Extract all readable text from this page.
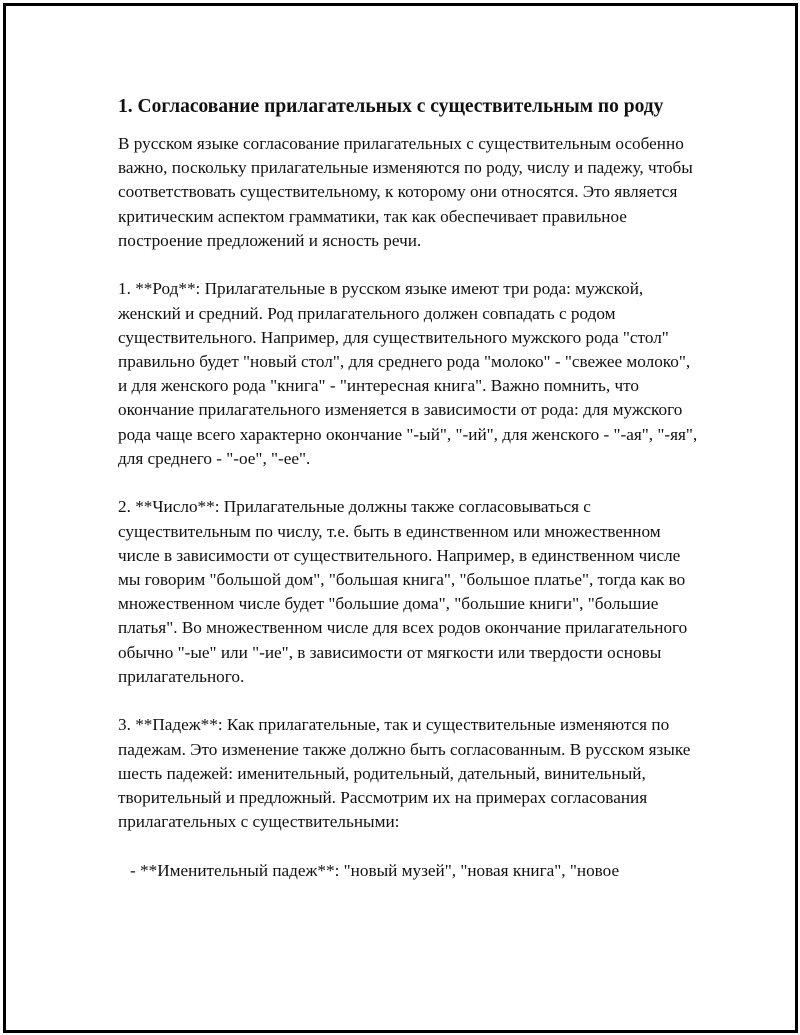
1. Согласование прилагательных с существительным по роду

В русском языке согласование прилагательных с существительным особенно важно, поскольку прилагательные изменяются по роду, числу и падежу, чтобы соответствовать существительному, к которому они относятся. Это является критическим аспектом грамматики, так как обеспечивает правильное построение предложений и ясность речи.

1. **Род**: Прилагательные в русском языке имеют три рода: мужской, женский и средний. Род прилагательного должен совпадать с родом существительного. Например, для существительного мужского рода "стол" правильно будет "новый стол", для среднего рода "молоко" - "свежее молоко", и для женского рода "книга" - "интересная книга". Важно помнить, что окончание прилагательного изменяется в зависимости от рода: для мужского рода чаще всего характерно окончание "-ый", "-ий", для женского - "-ая", "-яя", для среднего - "-ое", "-ее".

2. **Число**: Прилагательные должны также согласовываться с существительным по числу, т.е. быть в единственном или множественном числе в зависимости от существительного. Например, в единственном числе мы говорим "большой дом", "большая книга", "большое платье", тогда как во множественном числе будет "большие дома", "большие книги", "большие платья". Во множественном числе для всех родов окончание прилагательного обычно "-ые" или "-ие", в зависимости от мягкости или твердости основы прилагательного.

3. **Падеж**: Как прилагательные, так и существительные изменяются по падежам. Это изменение также должно быть согласованным. В русском языке шесть падежей: именительный, родительный, дательный, винительный, творительный и предложный. Рассмотрим их на примерах согласования прилагательных с существительными:

- **Именительный падеж**: "новый музей", "новая книга", "новое
